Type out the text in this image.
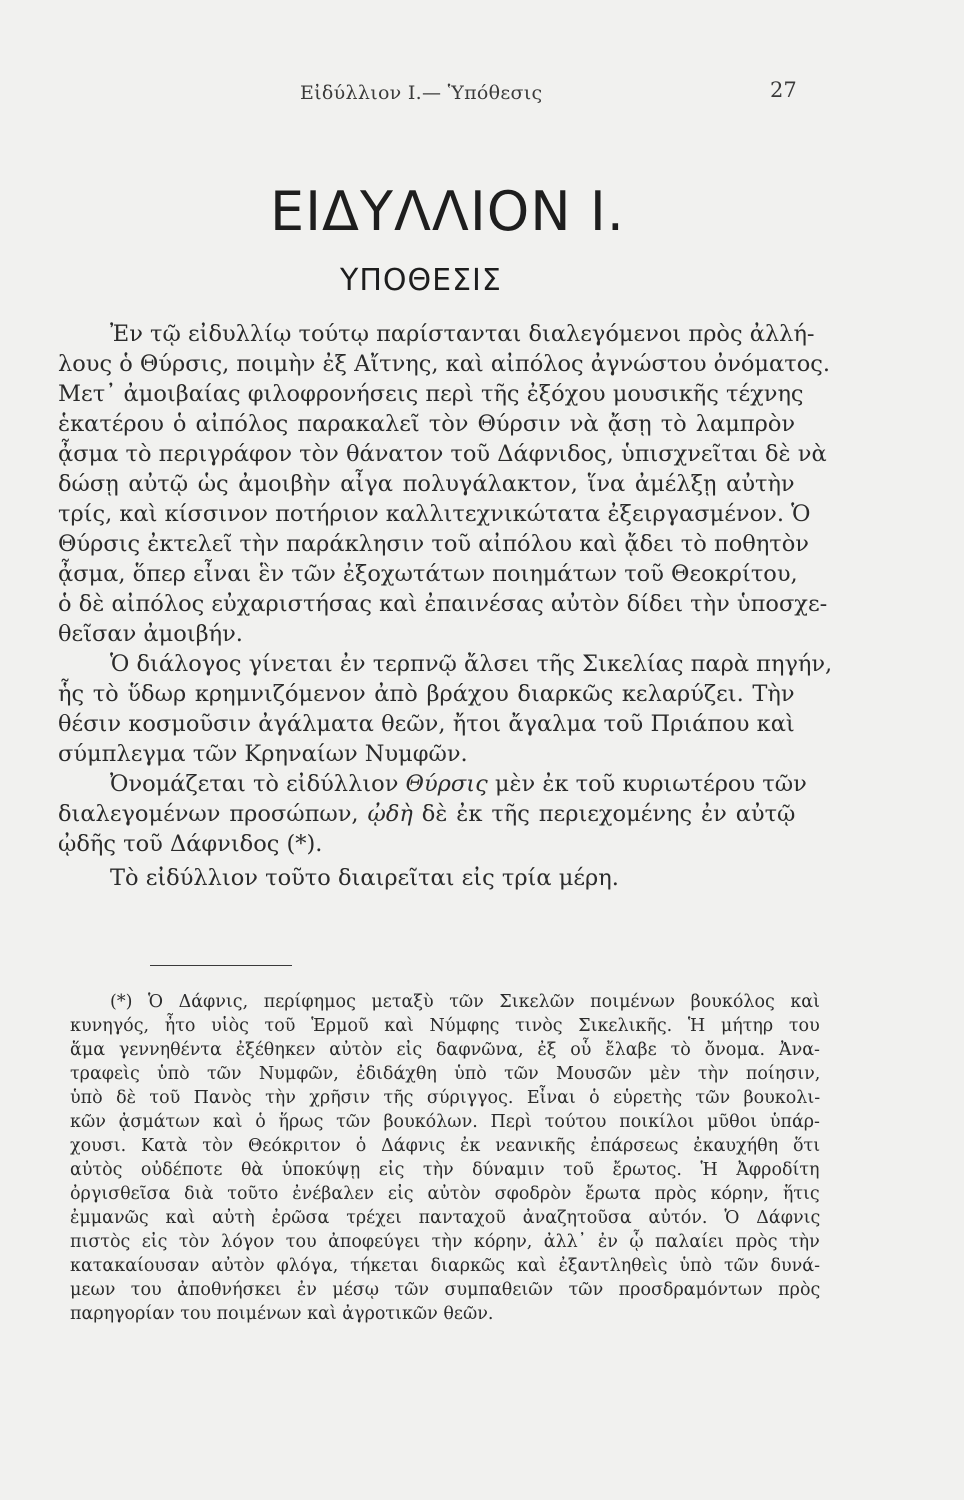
Εἰδύλλιον Ι.— Ὑπόθεσις	27
ΕΙΔΥΛΛΙΟΝ Ι.
ΥΠΟΘΕΣΙΣ
Ἐν τῷ εἰδυλλίῳ τούτῳ παρίστανται διαλεγόμενοι πρὸς ἀλλή-
λους ὁ Θύρσις, ποιμὴν ἐξ Αἴτνης, καὶ αἰπόλος ἀγνώστου ὀνόματος.
Μετ᾽ ἀμοιβαίας φιλοφρονήσεις περὶ τῆς ἐξόχου μουσικῆς τέχνης
ἑκατέρου ὁ αἰπόλος παρακαλεῖ τὸν Θύρσιν νὰ ᾄσῃ τὸ λαμπρὸν
ᾆσμα τὸ περιγράφον τὸν θάνατον τοῦ Δάφνιδος, ὑπισχνεῖται δὲ νὰ
δώσῃ αὐτῷ ὡς ἀμοιβὴν αἶγα πολυγάλακτον, ἵνα ἀμέλξῃ αὐτὴν
τρίς, καὶ κίσσινον ποτήριον καλλιτεχνικώτατα ἐξειργασμένον. Ὁ
Θύρσις ἐκτελεῖ τὴν παράκλησιν τοῦ αἰπόλου καὶ ᾄδει τὸ ποθητὸν
ᾆσμα, ὅπερ εἶναι ἓν τῶν ἐξοχωτάτων ποιημάτων τοῦ Θεοκρίτου,
ὁ δὲ αἰπόλος εὐχαριστήσας καὶ ἐπαινέσας αὐτὸν δίδει τὴν ὑποσχε-
θεῖσαν ἀμοιβήν.
Ὁ διάλογος γίνεται ἐν τερπνῷ ἄλσει τῆς Σικελίας παρὰ πηγήν,
ἧς τὸ ὕδωρ κρημνιζόμενον ἀπὸ βράχου διαρκῶς κελαρύζει. Τὴν
θέσιν κοσμοῦσιν ἀγάλματα θεῶν, ἤτοι ἄγαλμα τοῦ Πριάπου καὶ
σύμπλεγμα τῶν Κρηναίων Νυμφῶν.
Ὀνομάζεται τὸ εἰδύλλιον Θύρσις μὲν ἐκ τοῦ κυριωτέρου τῶν
διαλεγομένων προσώπων, ᾠδὴ δὲ ἐκ τῆς περιεχομένης ἐν αὐτῷ
ᾠδῆς τοῦ Δάφνιδος (*).
Τὸ εἰδύλλιον τοῦτο διαιρεῖται εἰς τρία μέρη.
(*) Ὁ Δάφνις, περίφημος μεταξὺ τῶν Σικελῶν ποιμένων βουκόλος καὶ
κυνηγός, ἦτο υἱὸς τοῦ Ἑρμοῦ καὶ Νύμφης τινὸς Σικελικῆς. Ἡ μήτηρ του
ἅμα γεννηθέντα ἐξέθηκεν αὐτὸν εἰς δαφνῶνα, ἐξ οὗ ἔλαβε τὸ ὄνομα. Ἀνα-
τραφεὶς ὑπὸ τῶν Νυμφῶν, ἐδιδάχθη ὑπὸ τῶν Μουσῶν μὲν τὴν ποίησιν,
ὑπὸ δὲ τοῦ Πανὸς τὴν χρῆσιν τῆς σύριγγος. Εἶναι ὁ εὑρετὴς τῶν βουκολι-
κῶν ᾀσμάτων καὶ ὁ ἥρως τῶν βουκόλων. Περὶ τούτου ποικίλοι μῦθοι ὑπάρ-
χουσι. Κατὰ τὸν Θεόκριτον ὁ Δάφνις ἐκ νεανικῆς ἐπάρσεως ἐκαυχήθη ὅτι
αὐτὸς οὐδέποτε θὰ ὑποκύψῃ εἰς τὴν δύναμιν τοῦ ἔρωτος. Ἡ Ἀφροδίτη
ὀργισθεῖσα διὰ τοῦτο ἐνέβαλεν εἰς αὐτὸν σφοδρὸν ἔρωτα πρὸς κόρην, ἥτις
ἐμμανῶς καὶ αὐτὴ ἐρῶσα τρέχει πανταχοῦ ἀναζητοῦσα αὐτόν. Ὁ Δάφνις
πιστὸς εἰς τὸν λόγον του ἀποφεύγει τὴν κόρην, ἀλλ᾽ ἐν ᾧ παλαίει πρὸς τὴν
κατακαίουσαν αὐτὸν φλόγα, τήκεται διαρκῶς καὶ ἐξαντληθεὶς ὑπὸ τῶν δυνά-
μεων του ἀποθνήσκει ἐν μέσῳ τῶν συμπαθειῶν τῶν προσδραμόντων πρὸς
παρηγορίαν του ποιμένων καὶ ἀγροτικῶν θεῶν.
